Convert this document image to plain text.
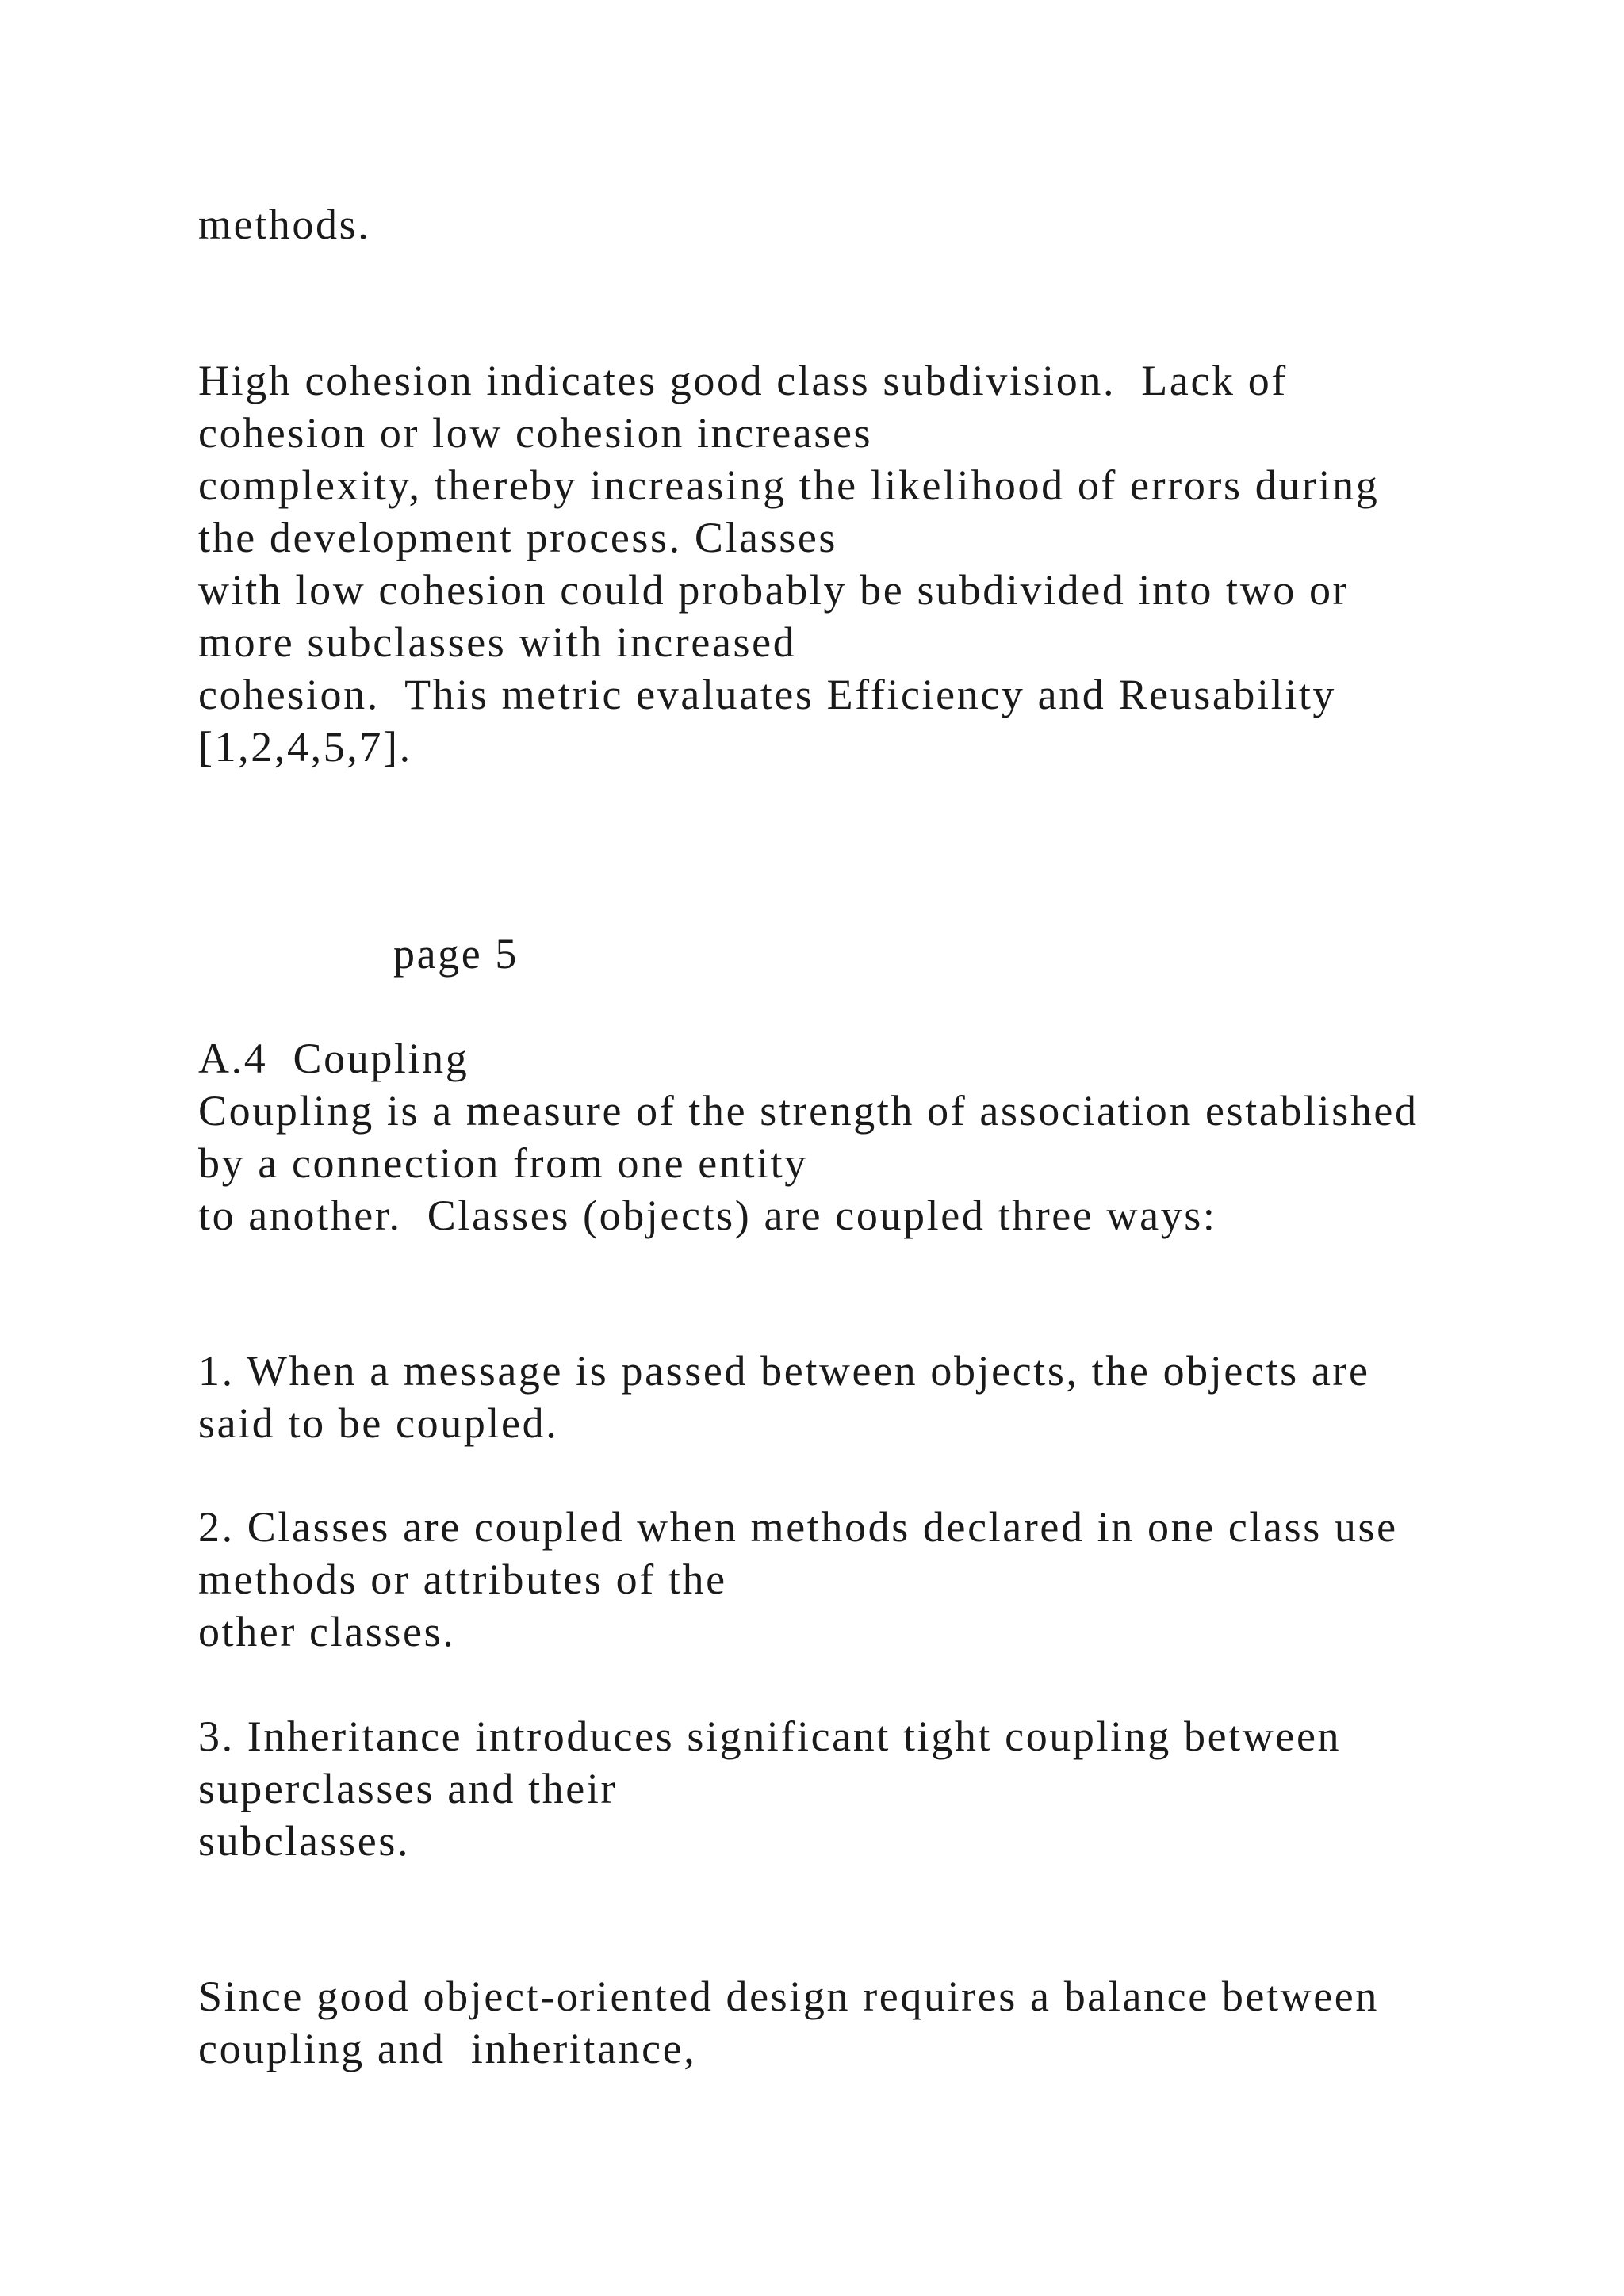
methods.

High cohesion indicates good class subdivision.  Lack of

cohesion or low cohesion increases

complexity, thereby increasing the likelihood of errors during

the development process. Classes

with low cohesion could probably be subdivided into two or

more subclasses with increased

cohesion.  This metric evaluates Efficiency and Reusability

[1,2,4,5,7].

page 5

A.4  Coupling

Coupling is a measure of the strength of association established

by a connection from one entity

to another.  Classes (objects) are coupled three ways:

1. When a message is passed between objects, the objects are

said to be coupled.

2. Classes are coupled when methods declared in one class use

methods or attributes of the

other classes.

3. Inheritance introduces significant tight coupling between

superclasses and their

subclasses.

Since good object-oriented design requires a balance between

coupling and  inheritance,
